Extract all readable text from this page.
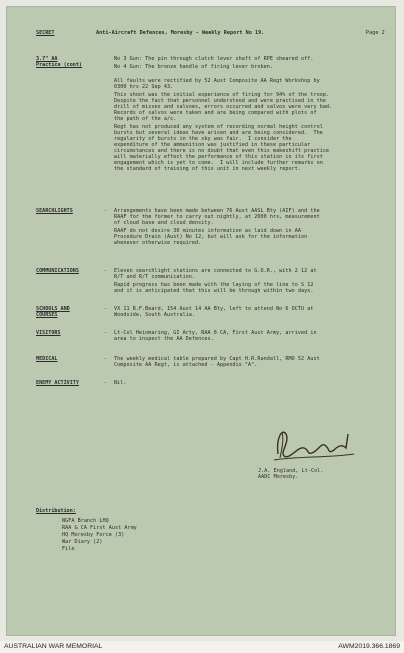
SECRET	Anti-Aircraft Defences, Moresby - Weekly Report No 19.	Page 2
3.7" AA
Practice (cont)
No 3 Gun: The pin through clutch lever shaft of RPE sheared off.
No 4 Gun: The bronze handle of firing lever broken.
All faults were rectified by 52 Aust Composite AA Regt Workshop by
0300 hrs 22 Sep 43.
This shoot was the initial experience of firing for 94% of the troop.
Despite the fact that personnel understood and were practised in the
drill of misses and salvoes, errors occurred and salvos were very bad.
Records of salvos were taken and are being compared with plots of
the path of the a/c.
Regt has not produced any system of recording normal height control
bursts but several ideas have arisen and are being considered.  The
regularity of bursts in the sky was fair.  I consider the
expenditure of the ammunition was justified in these particular
circumstances and there is no doubt that even this makeshift practice
will materially effect the performance of this station in its first
engagement which is yet to come.  I will include further remarks on
the standard of training of this unit in next weekly report.
SEARCHLIGHTS	- Arrangements have been made between 76 Aust AASL Bty (AIF) and the
RAAF for the former to carry out nightly, at 2000 hrs, measurement
of cloud base and cloud density.
RAAF do not desire 30 minutes information as laid down in AA
Procedure Drain (Aust) No 12, but will ask for the information
whenever otherwise required.
COMMUNICATIONS	- Eleven searchlight stations are connected to G.O.R., with 2 12 at
R/T and R/T communication.
Rapid progress has been made with the laying of the line to S 12
and it is anticipated that this will be through within two days.
SCHOOLS AND
COURSES
- VX 11 R.F.Beard, 154 Aust 14 AA Bty, left to attend No 6 OCTU at
Woodside, South Australia.
VISITORS	- Lt-Col Heinmaring, GI Arty, RAA 8 CA, First Aust Army, arrived in
area to inspect the AA Defences.
MEDICAL	- The weekly medical table prepared by Capt H.R.Randall, RMO 52 Aust
Composite AA Regt, is attached - Appendix "A".
ENEMY ACTIVITY	- Nil.
J.A. England, Lt-Col.
AADC Moresby.
Distribution:
NGFA Branch LHQ
RAA & CA First Aust Army
HQ Moresby Force (3)
War Diary (2)
File
AUSTRALIAN WAR MEMORIAL	AWM2019.366.1869
